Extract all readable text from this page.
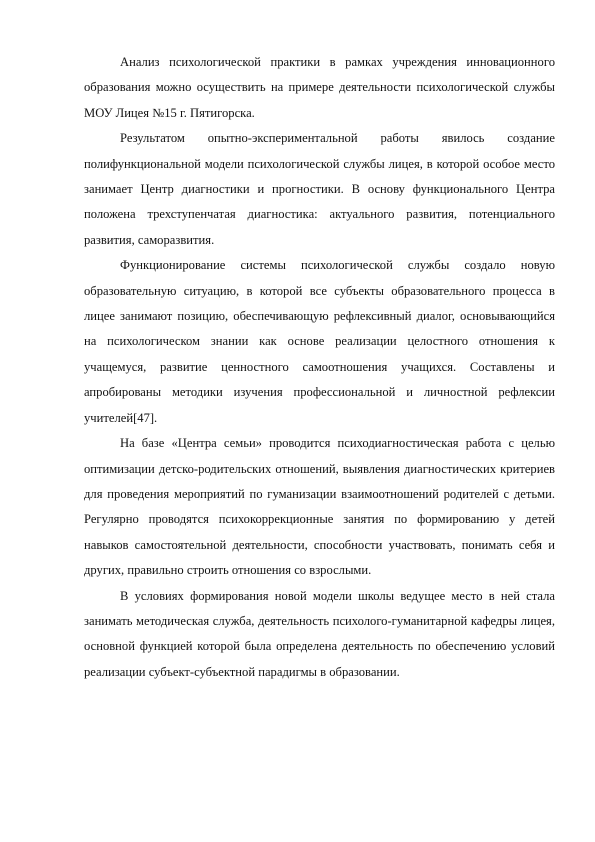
Анализ психологической практики в рамках учреждения инновационного образования можно осуществить на примере деятельности психологической службы МОУ Лицея №15 г. Пятигорска.

Результатом опытно-экспериментальной работы явилось создание полифункциональной модели психологической службы лицея, в которой особое место занимает Центр диагностики и прогностики. В основу функционального Центра положена трехступенчатая диагностика: актуального развития, потенциального развития, саморазвития.

Функционирование системы психологической службы создало новую образовательную ситуацию, в которой все субъекты образовательного процесса в лицее занимают позицию, обеспечивающую рефлексивный диалог, основывающийся на психологическом знании как основе реализации целостного отношения к учащемуся, развитие ценностного самоотношения учащихся. Составлены и апробированы методики изучения профессиональной и личностной рефлексии учителей[47].

На базе «Центра семьи» проводится психодиагностическая работа с целью оптимизации детско-родительских отношений, выявления диагностических критериев для проведения мероприятий по гуманизации взаимоотношений родителей с детьми. Регулярно проводятся психокоррекционные занятия по формированию у детей навыков самостоятельной деятельности, способности участвовать, понимать себя и других, правильно строить отношения со взрослыми.

В условиях формирования новой модели школы ведущее место в ней стала занимать методическая служба, деятельность психолого-гуманитарной кафедры лицея, основной функцией которой была определена деятельность по обеспечению условий реализации субъект-субъектной парадигмы в образовании.
